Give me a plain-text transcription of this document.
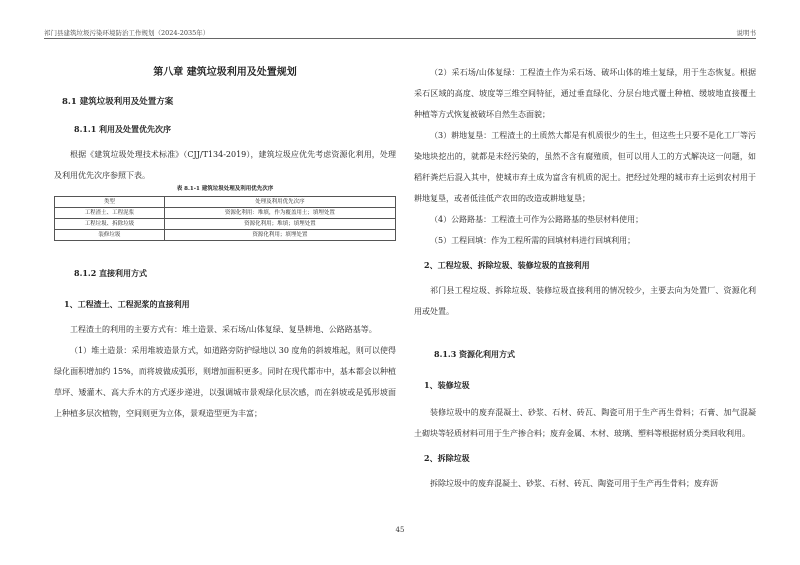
祁门县建筑垃圾污染环境防治工作规划（2024-2035年）	说明书

第八章 建筑垃圾利用及处置规划

8.1 建筑垃圾利用及处置方案

8.1.1 利用及处置优先次序

根据《建筑垃圾处理技术标准》（CJJ/T134-2019），建筑垃圾应优先考虑资源化利用，处理及利用优先次序参照下表。

表 8.1-1 建筑垃圾处理及利用优先次序

类型	处理及利用优先次序
工程渣土、工程泥浆	资源化利用：堆填，作为覆盖用土；填埋处置
工程垃圾、拆除垃圾	资源化利用；堆填；填埋处置
装修垃圾	资源化利用；填埋处置

8.1.2 直接利用方式

1、工程渣土、工程泥浆的直接利用

工程渣土的利用的主要方式有：堆土造景、采石场/山体复绿、复垦耕地、公路路基等。

（1）堆土造景：采用堆坡造景方式，如道路旁防护绿地以 30 度角的斜坡堆起，则可以使得绿化面积增加约 15%，而将坡做成弧形，则增加面积更多。同时在现代都市中，基本都会以种植草坪、矮灌木、高大乔木的方式逐步递进，以强调城市景观绿化层次感，而在斜坡或是弧形坡面上种植多层次植物，空间则更为立体，景观造型更为丰富；

（2）采石场/山体复绿：工程渣土作为采石场、破坏山体的堆土复绿，用于生态恢复。根据采石区域的高度、坡度等三维空间特征，通过垂直绿化、分层台地式覆土种植、缓坡地直接覆土种植等方式恢复被破坏自然生态面貌；

（3）耕地复垦：工程渣土的土质然大都是有机质很少的生土，但这些土只要不是化工厂等污染地块挖出的，就都是未经污染的，虽然不含有腐殖质，但可以用人工的方式解决这一问题，如稻秆粪烂后混入其中，使城市弃土成为富含有机质的泥土。把经过处理的城市弃土运到农村用于耕地复垦，或者低洼低产农田的改造或耕地复垦；

（4）公路路基：工程渣土可作为公路路基的垫层材料使用；

（5）工程回填：作为工程所需的回填材料进行回填利用；

2、工程垃圾、拆除垃圾、装修垃圾的直接利用

祁门县工程垃圾、拆除垃圾、装修垃圾直接利用的情况较少，主要去向为处置厂、资源化利用或处置。

8.1.3 资源化利用方式

1、装修垃圾

装修垃圾中的废弃混凝土、砂浆、石材、砖瓦、陶瓷可用于生产再生骨料；石膏、加气混凝土砌块等轻质材料可用于生产掺合料；废弃金属、木材、玻璃、塑料等根据材质分类回收利用。

2、拆除垃圾

拆除垃圾中的废弃混凝土、砂浆、石材、砖瓦、陶瓷可用于生产再生骨料；废弃沥

45
